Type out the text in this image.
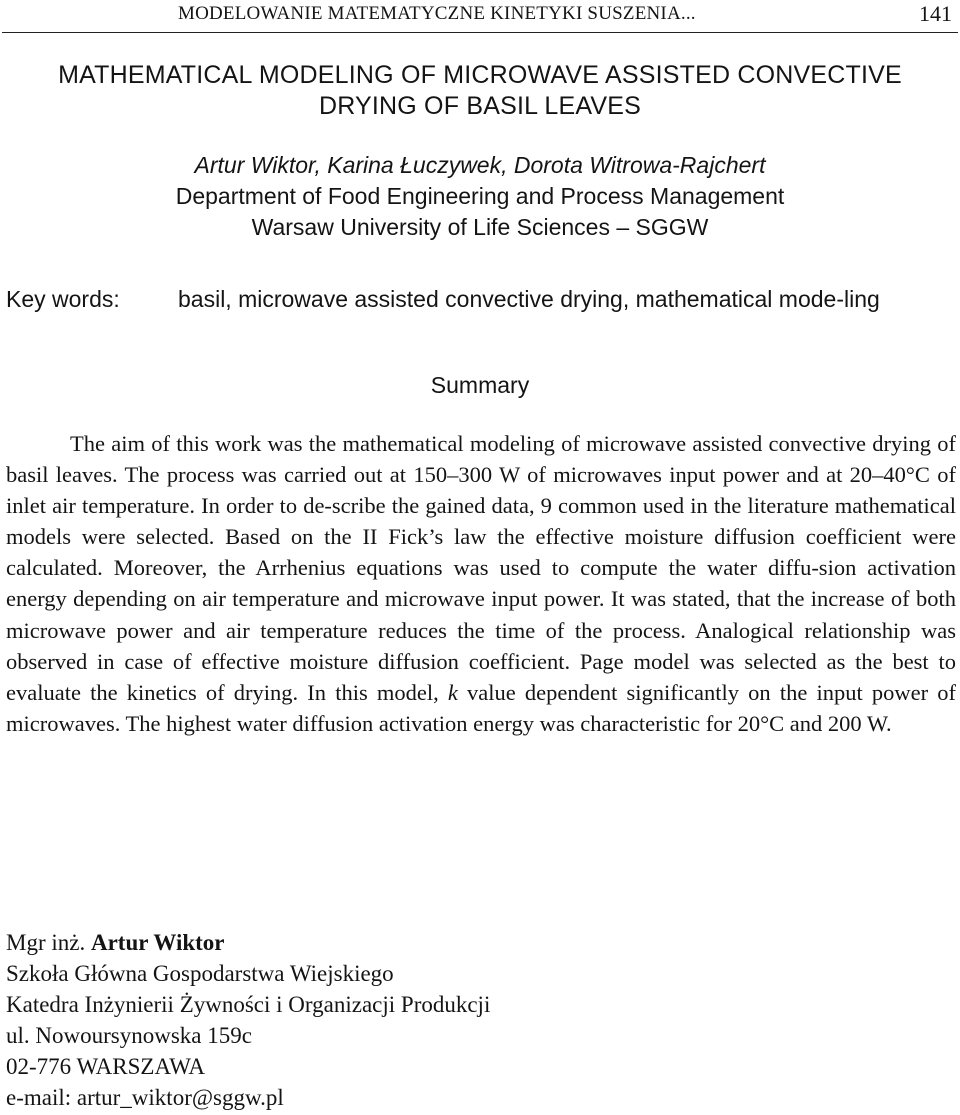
MODELOWANIE MATEMATYCZNE KINETYKI SUSZENIA...	141
MATHEMATICAL MODELING OF MICROWAVE ASSISTED CONVECTIVE
DRYING OF BASIL LEAVES
Artur Wiktor, Karina Łuczywek, Dorota Witrowa-Rajchert
Department of Food Engineering and Process Management
Warsaw University of Life Sciences – SGGW
Key words:	basil, microwave assisted convective drying, mathematical mode-ling
Summary

The aim of this work was the mathematical modeling of microwave assisted convective drying of basil leaves. The process was carried out at 150–300 W of microwaves input power and at 20–40°C of inlet air temperature. In order to de-scribe the gained data, 9 common used in the literature mathematical models were selected. Based on the II Fick’s law the effective moisture diffusion coefficient were calculated. Moreover, the Arrhenius equations was used to compute the water diffu-sion activation energy depending on air temperature and microwave input power. It was stated, that the increase of both microwave power and air temperature reduces the time of the process. Analogical relationship was observed in case of effective moisture diffusion coefficient. Page model was selected as the best to evaluate the kinetics of drying. In this model, k value dependent significantly on the input power of microwaves. The highest water diffusion activation energy was characteristic for 20°C and 200 W.

Mgr inż. Artur Wiktor
Szkoła Główna Gospodarstwa Wiejskiego
Katedra Inżynierii Żywności i Organizacji Produkcji
ul. Nowoursynowska 159c
02-776 WARSZAWA
e-mail: artur_wiktor@sggw.pl
